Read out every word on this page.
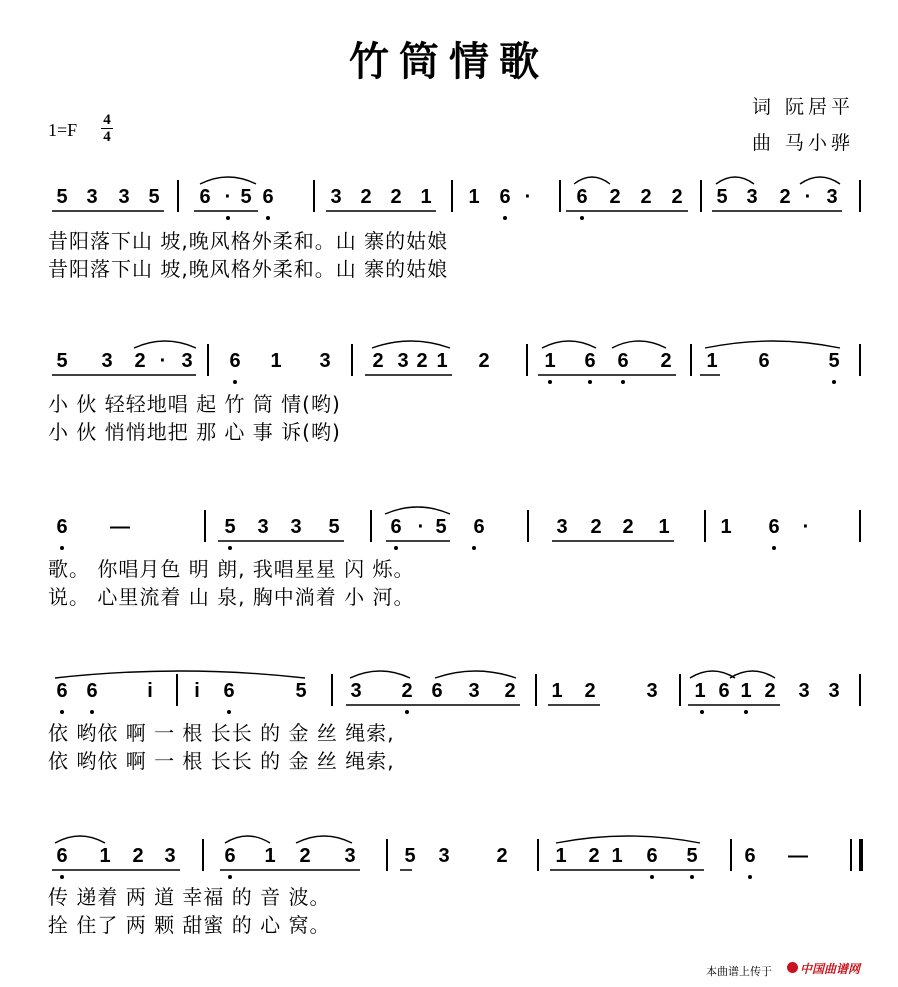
竹筒情歌
词 阮居平
曲 马小骅
1=F 4
4
5 3 3 5 6 · 5 6	3 2 2 1 1 6 ·	6 2 2 2 5 3 2 · 3
5 3 2 · 3 6 1 3 2 3 2 1 2	1 6 6 2 1 6	5
6 —	5 3 3 5	6 · 5 6	3 2 2 1	1 6	·
6 6	i	i	6	5 3 2 6 3 2 1 2	3 1 6 1 2 3 3
6 1 2 3 6 1 2 3 5 3 2 1 2 1 6 5 6 —
昔阳落下山 坡,晚风格外柔和。山 寨的姑娘
昔阳落下山 坡,晚风格外柔和。山 寨的姑娘
小 伙 轻轻地唱 起 竹 筒 情(哟)
小 伙 悄悄地把 那 心 事 诉(哟)
歌。 你唱月色 明 朗, 我唱星星 闪 烁。
说。 心里流着 山 泉, 胸中淌着 小 河。
依 哟依 啊 一 根 长长 的 金 丝 绳索,
依 哟依 啊 一 根 长长 的 金 丝 绳索,
传 递着 两 道 幸福 的 音 波。
拴 住了 两 颗 甜蜜 的 心 窝。
本曲谱上传于 中国曲谱网
